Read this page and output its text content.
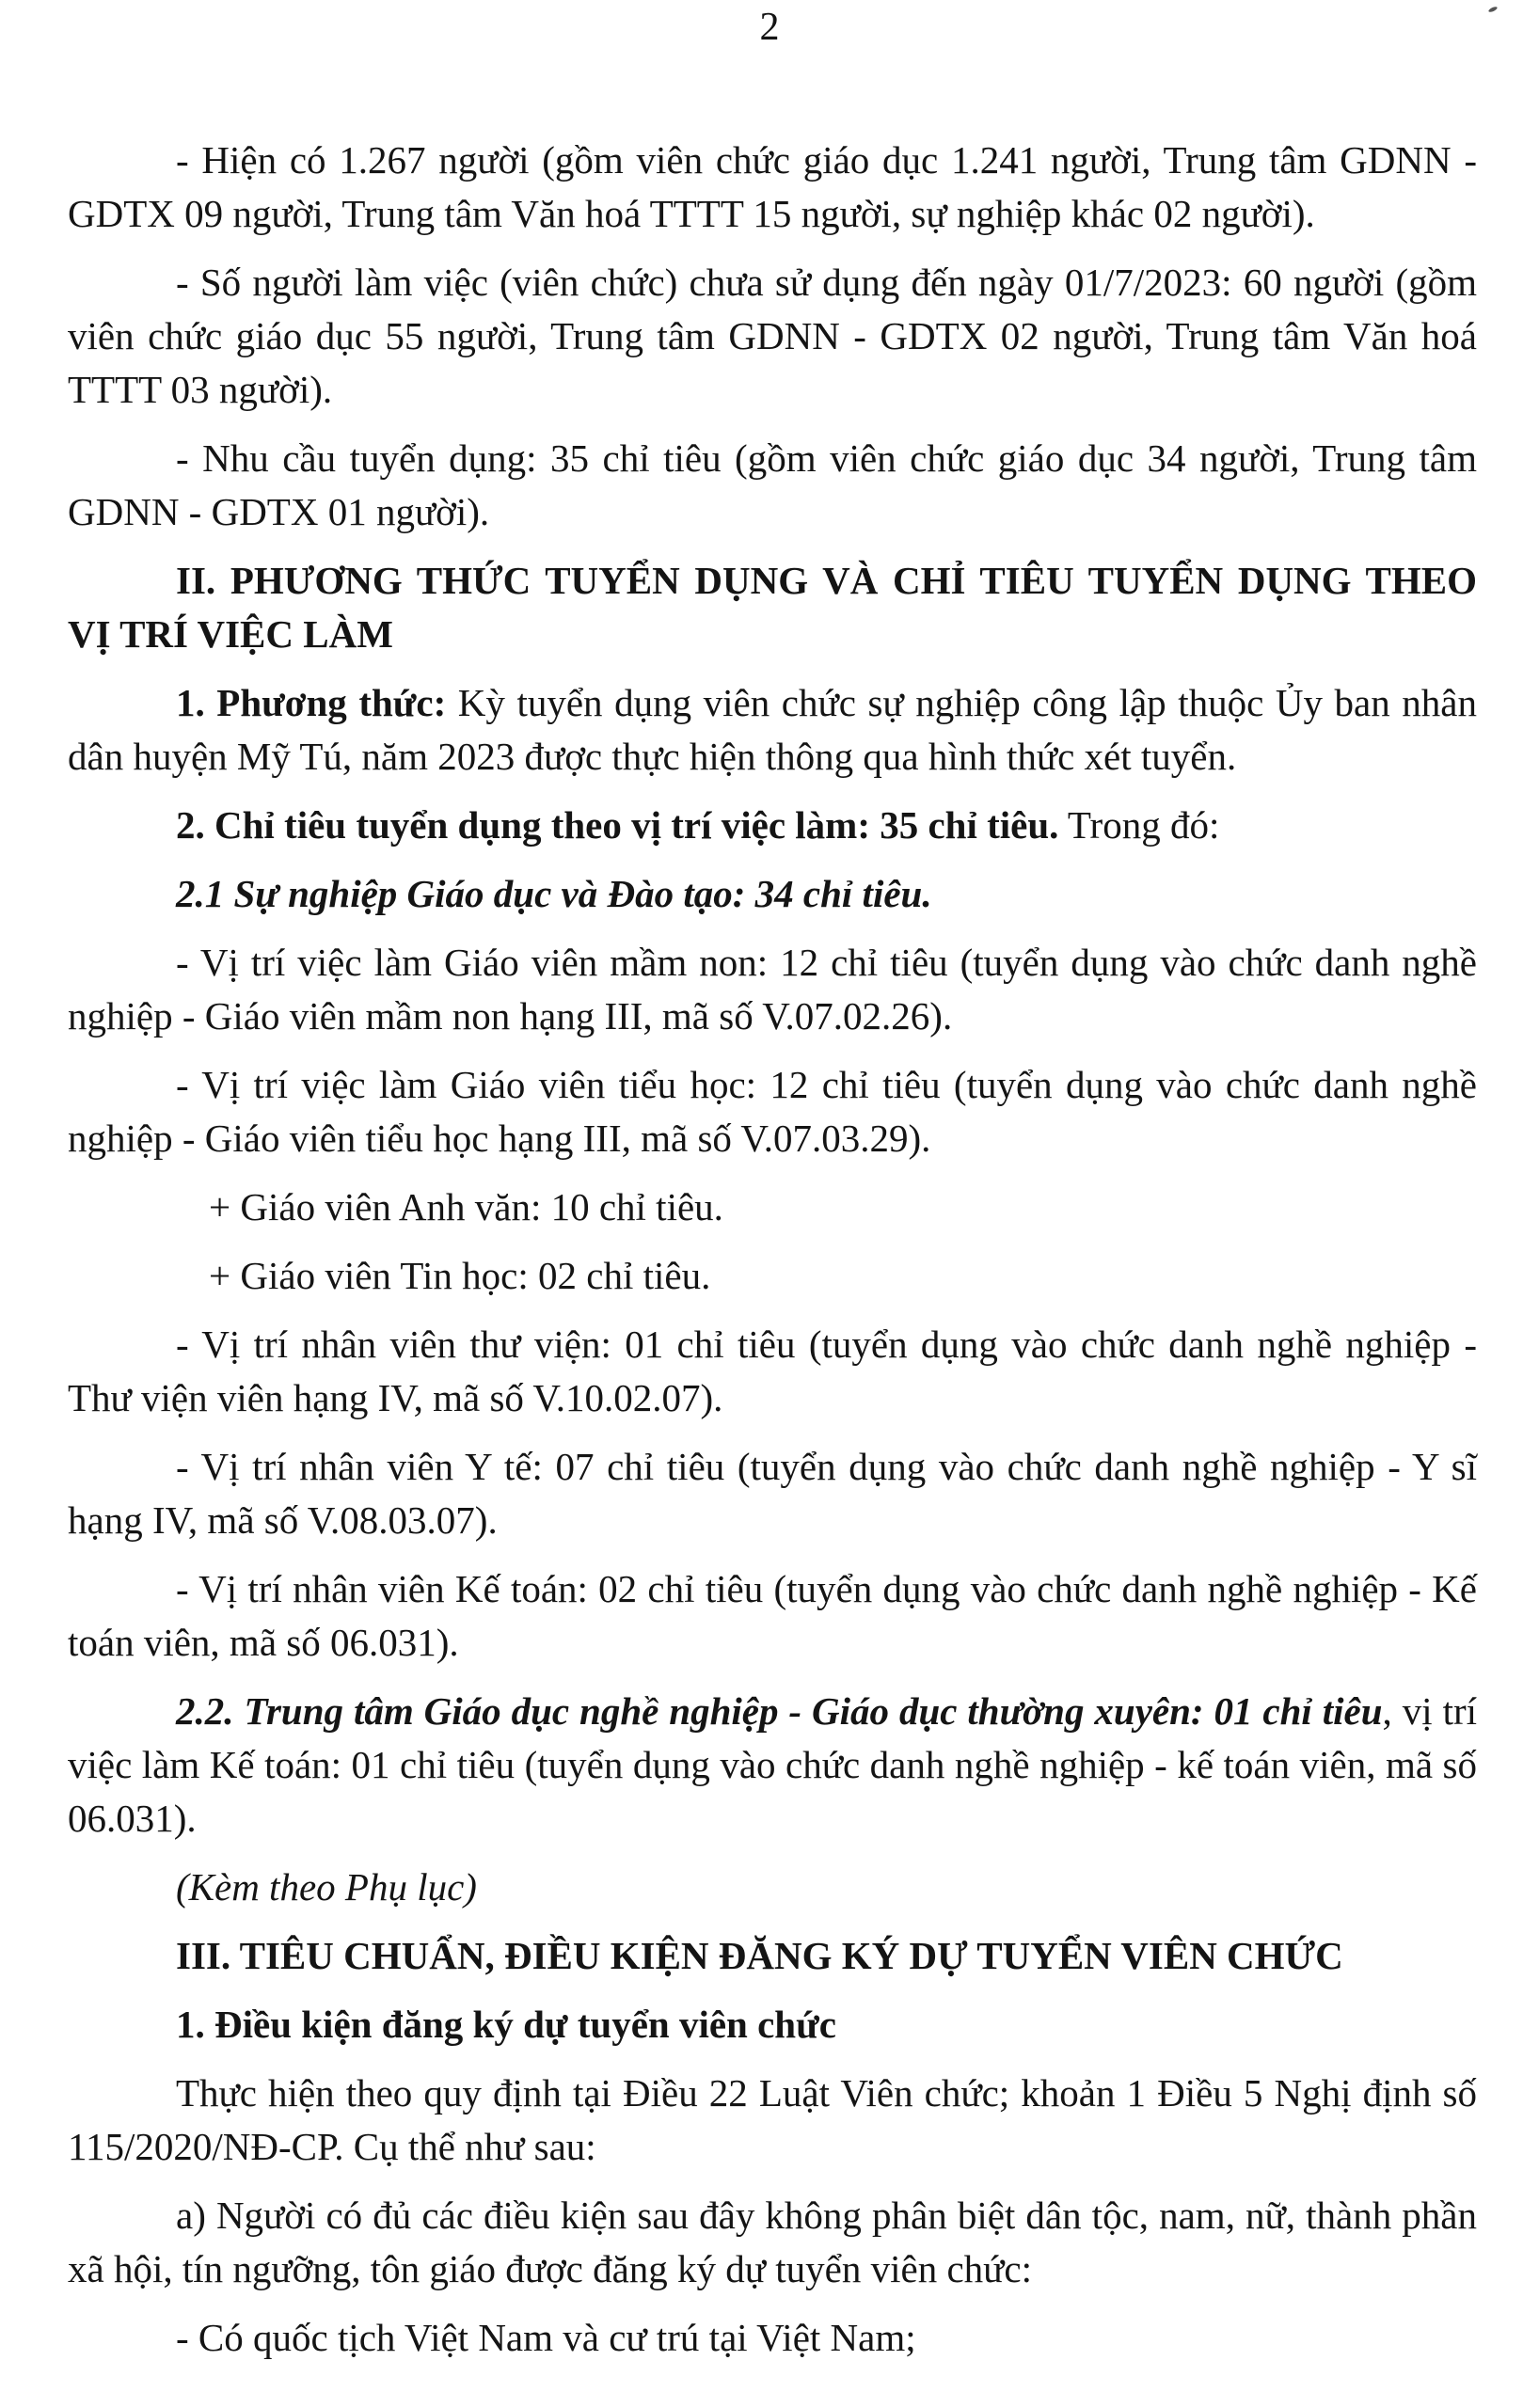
2

- Hiện có 1.267 người (gồm viên chức giáo dục 1.241 người, Trung tâm GDNN - GDTX 09 người, Trung tâm Văn hoá TTTT 15 người, sự nghiệp khác 02 người).

- Số người làm việc (viên chức) chưa sử dụng đến ngày 01/7/2023: 60 người (gồm viên chức giáo dục 55 người, Trung tâm GDNN - GDTX 02 người, Trung tâm Văn hoá TTTT 03 người).

- Nhu cầu tuyển dụng: 35 chỉ tiêu (gồm viên chức giáo dục 34 người, Trung tâm GDNN - GDTX 01 người).

II. PHƯƠNG THỨC TUYỂN DỤNG VÀ CHỈ TIÊU TUYỂN DỤNG THEO VỊ TRÍ VIỆC LÀM

1. Phương thức: Kỳ tuyển dụng viên chức sự nghiệp công lập thuộc Ủy ban nhân dân huyện Mỹ Tú, năm 2023 được thực hiện thông qua hình thức xét tuyển.

2. Chỉ tiêu tuyển dụng theo vị trí việc làm: 35 chỉ tiêu. Trong đó:

2.1 Sự nghiệp Giáo dục và Đào tạo: 34 chỉ tiêu.

- Vị trí việc làm Giáo viên mầm non: 12 chỉ tiêu (tuyển dụng vào chức danh nghề nghiệp - Giáo viên mầm non hạng III, mã số V.07.02.26).

- Vị trí việc làm Giáo viên tiểu học: 12 chỉ tiêu (tuyển dụng vào chức danh nghề nghiệp - Giáo viên tiểu học hạng III, mã số V.07.03.29).

+ Giáo viên Anh văn: 10 chỉ tiêu.

+ Giáo viên Tin học: 02 chỉ tiêu.

- Vị trí nhân viên thư viện: 01 chỉ tiêu (tuyển dụng vào chức danh nghề nghiệp - Thư viện viên hạng IV, mã số V.10.02.07).

- Vị trí nhân viên Y tế: 07 chỉ tiêu (tuyển dụng vào chức danh nghề nghiệp - Y sĩ hạng IV, mã số V.08.03.07).

- Vị trí nhân viên Kế toán: 02 chỉ tiêu (tuyển dụng vào chức danh nghề nghiệp - Kế toán viên, mã số 06.031).

2.2. Trung tâm Giáo dục nghề nghiệp - Giáo dục thường xuyên: 01 chỉ tiêu, vị trí việc làm Kế toán: 01 chỉ tiêu (tuyển dụng vào chức danh nghề nghiệp - kế toán viên, mã số 06.031).

(Kèm theo Phụ lục)

III. TIÊU CHUẨN, ĐIỀU KIỆN ĐĂNG KÝ DỰ TUYỂN VIÊN CHỨC

1. Điều kiện đăng ký dự tuyển viên chức

Thực hiện theo quy định tại Điều 22 Luật Viên chức; khoản 1 Điều 5 Nghị định số 115/2020/NĐ-CP. Cụ thể như sau:

a) Người có đủ các điều kiện sau đây không phân biệt dân tộc, nam, nữ, thành phần xã hội, tín ngưỡng, tôn giáo được đăng ký dự tuyển viên chức:

- Có quốc tịch Việt Nam và cư trú tại Việt Nam;
